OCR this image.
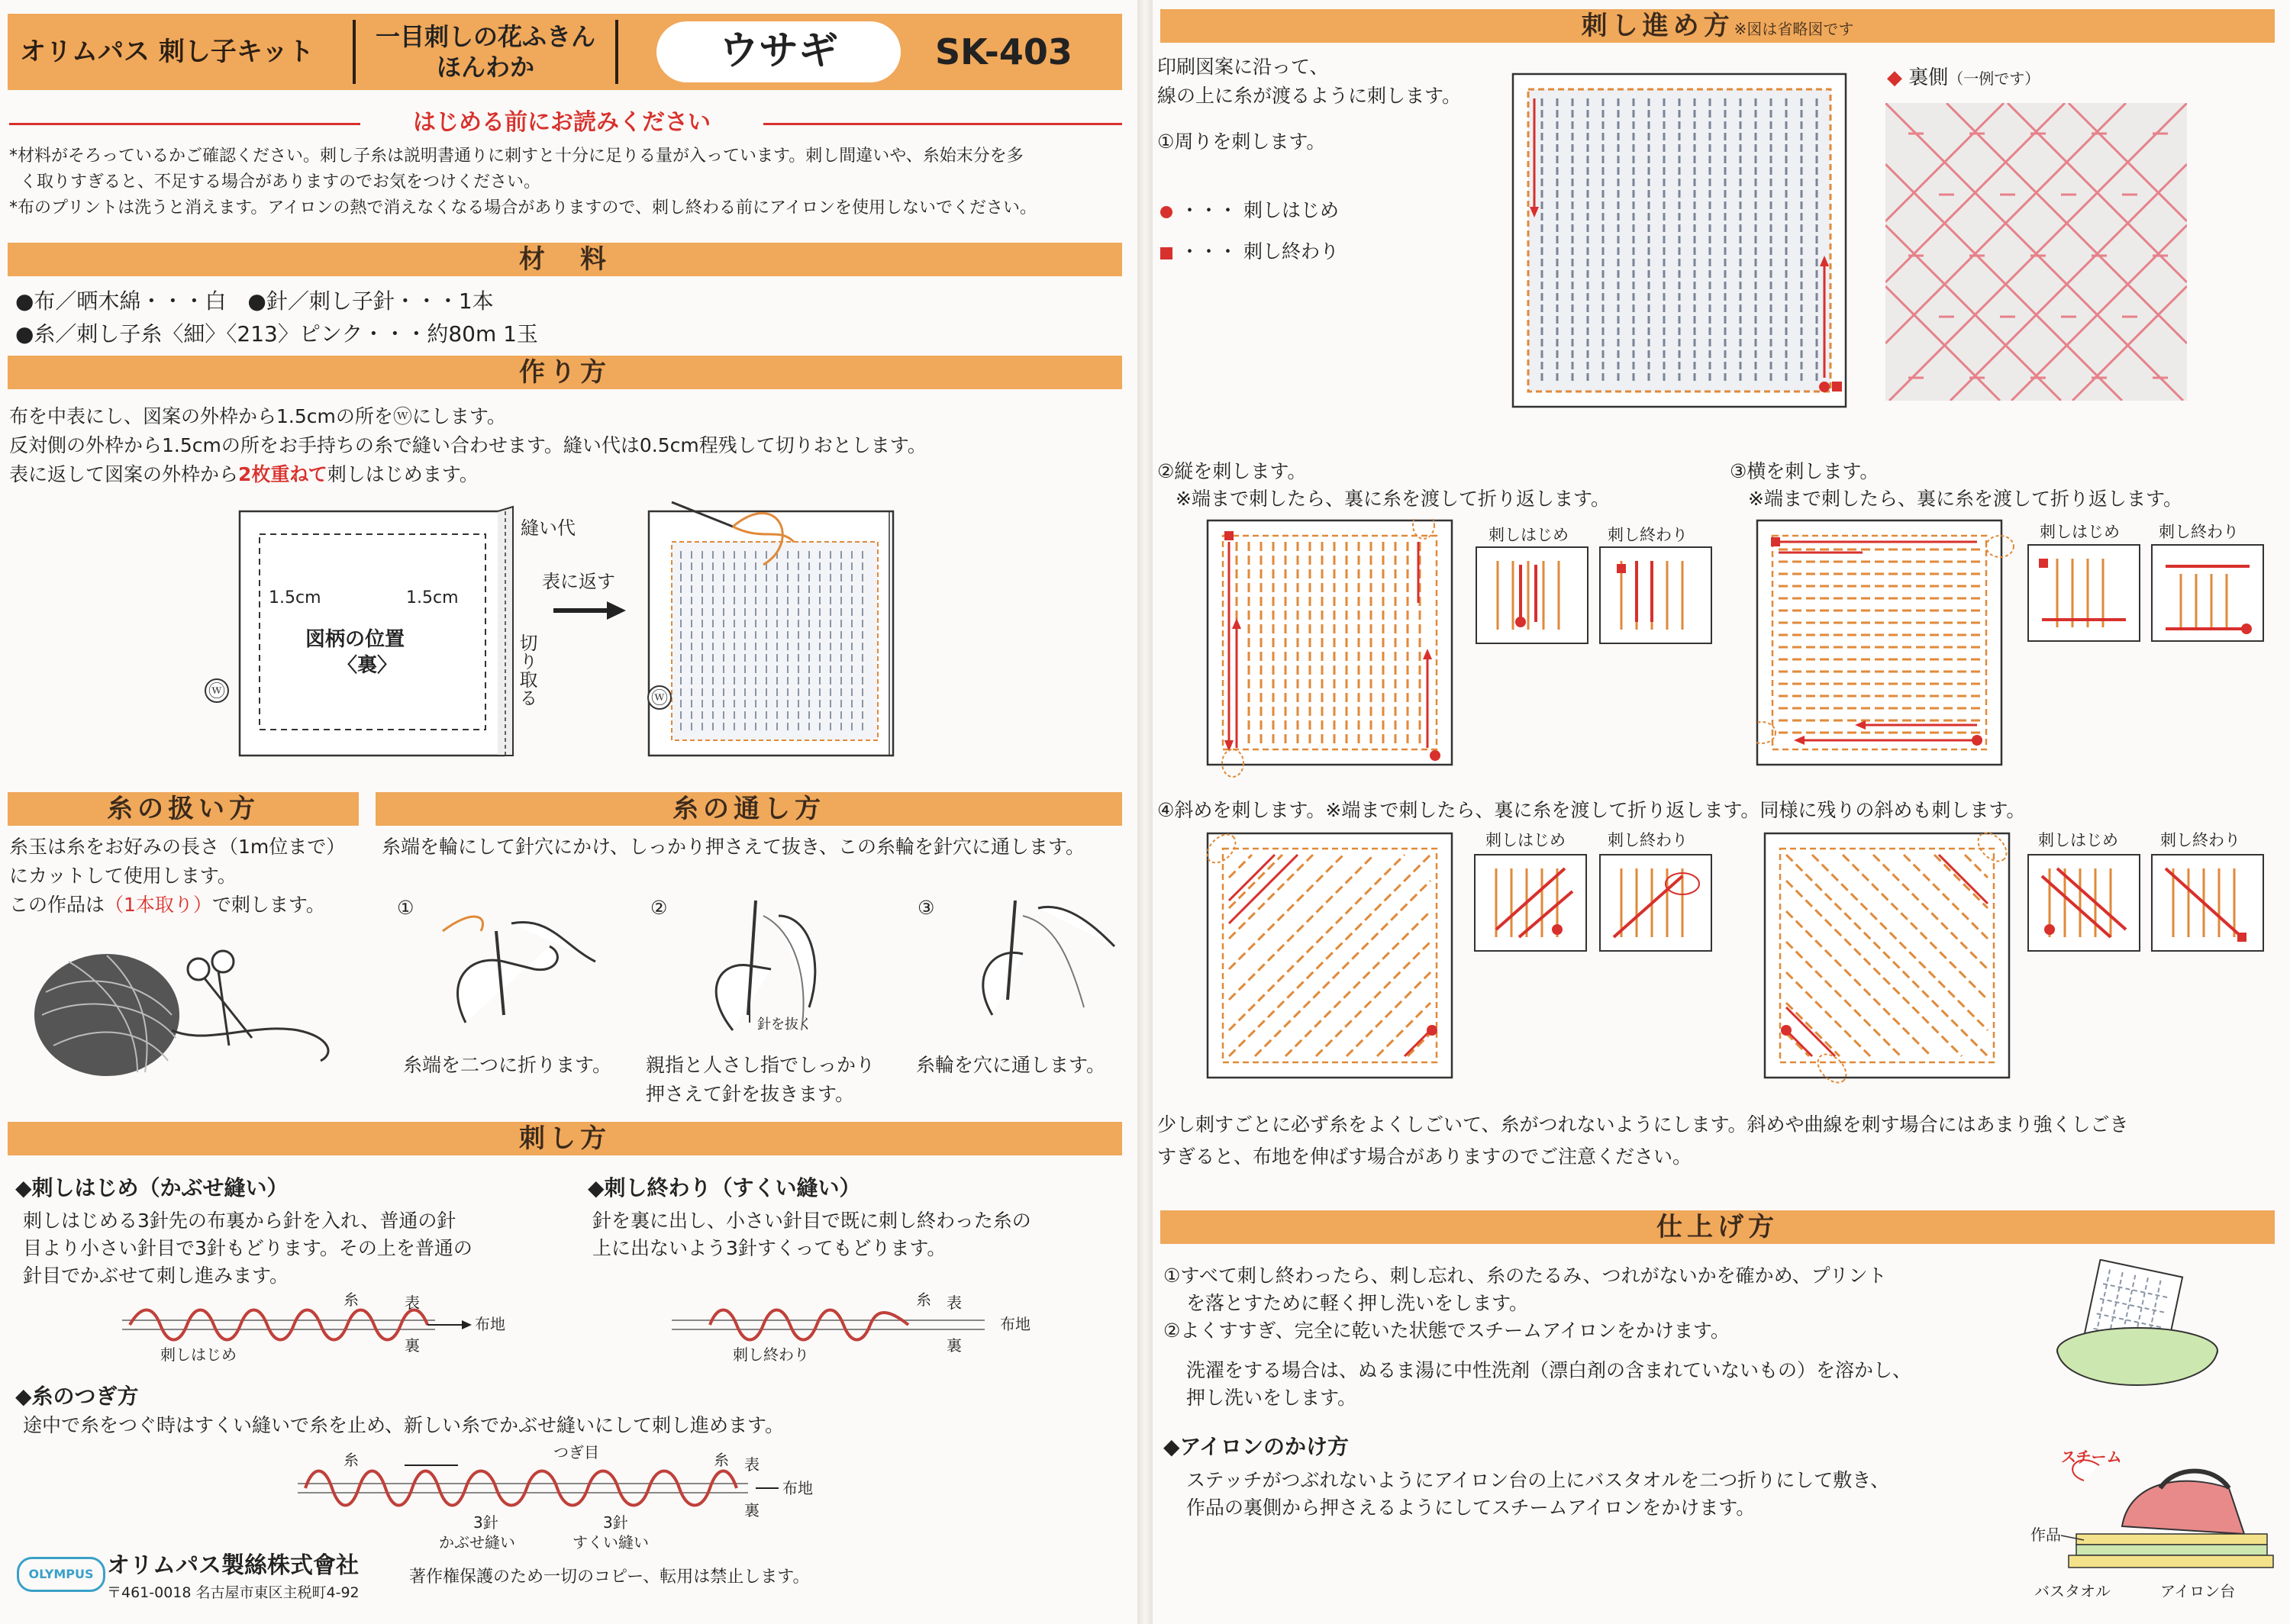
オリムパス 刺し子キット	一目刺しの花ふきん
ほんわか	ウサギ	SK-403
はじめる前にお読みください
*材料がそろっているかご確認ください。刺し子糸は説明書通りに刺すと十分に足りる量が入っています。刺し間違いや、糸始末分を多
く取りすぎると、不足する場合がありますのでお気をつけください。
*布のプリントは洗うと消えます。アイロンの熱で消えなくなる場合がありますので、刺し終わる前にアイロンを使用しないでください。
材　料
●布／晒木綿・・・白　●針／刺し子針・・・1本
●糸／刺し子糸〈細〉〈213〉ピンク・・・約80m 1玉
作り方
布を中表にし、図案の外枠から1.5cmの所をⓦにします。
反対側の外枠から1.5cmの所をお手持ちの糸で縫い合わせます。縫い代は0.5cm程残して切りおとします。
表に返して図案の外枠から2枚重ねて刺しはじめます。
縫い代
1.5cm	1.5cm
図柄の位置
〈裏〉
ⓦ	切り取る
表に返す
ⓦ
糸の扱い方
糸玉は糸をお好みの長さ（1m位まで）
にカットして使用します。
この作品は（1本取り）で刺します。
糸の通し方
糸端を輪にして針穴にかけ、しっかり押さえて抜き、この糸輪を針穴に通します。
①	②	③
針を抜く
糸端を二つに折ります。 親指と人さし指でしっかり
押さえて針を抜きます。
糸輪を穴に通します。
刺し方
◆刺しはじめ（かぶせ縫い）
刺しはじめる3針先の布裏から針を入れ、普通の針
目より小さい針目で3針もどります。その上を普通の
針目でかぶせて刺し進みます。
◆刺し終わり（すくい縫い）
針を裏に出し、小さい針目で既に刺し終わった糸の
上に出ないよう3針すくってもどります。
糸	表
裏
布地
刺しはじめ
糸 表
裏
布地
刺し終わり
◆糸のつぎ方
途中で糸をつぐ時はすくい縫いで糸を止め、新しい糸でかぶせ縫いにして刺し進めます。
糸	つぎ目	糸 表
裏
布地
3針
かぶせ縫い
3針
すくい縫い
OLYMPUS オリムパス製絲株式會社
〒461-0018 名古屋市東区主税町4-92
著作権保護のため一切のコピー、転用は禁止します。
刺し進め方※図は省略図です
印刷図案に沿って、
線の上に糸が渡るように刺します。
①周りを刺します。
・・・ 刺しはじめ
・・・ 刺し終わり
◆ 裏側（一例です）
②縦を刺します。
※端まで刺したら、裏に糸を渡して折り返します。
刺しはじめ 刺し終わり
③横を刺します。
※端まで刺したら、裏に糸を渡して折り返します。
刺しはじめ 刺し終わり
④斜めを刺します。※端まで刺したら、裏に糸を渡して折り返します。同様に残りの斜めも刺します。
刺しはじめ	刺し終わり	刺しはじめ	刺し終わり
少し刺すごとに必ず糸をよくしごいて、糸がつれないようにします。斜めや曲線を刺す場合にはあまり強くしごき
すぎると、布地を伸ばす場合がありますのでご注意ください。
仕上げ方
①すべて刺し終わったら、刺し忘れ、糸のたるみ、つれがないかを確かめ、プリント
を落とすために軽く押し洗いをします。
②よくすすぎ、完全に乾いた状態でスチームアイロンをかけます。
洗濯をする場合は、ぬるま湯に中性洗剤（漂白剤の含まれていないもの）を溶かし、
押し洗いをします。
◆アイロンのかけ方
ステッチがつぶれないようにアイロン台の上にバスタオルを二つ折りにして敷き、
作品の裏側から押さえるようにしてスチームアイロンをかけます。
スチーム
作品
バスタオル	アイロン台
